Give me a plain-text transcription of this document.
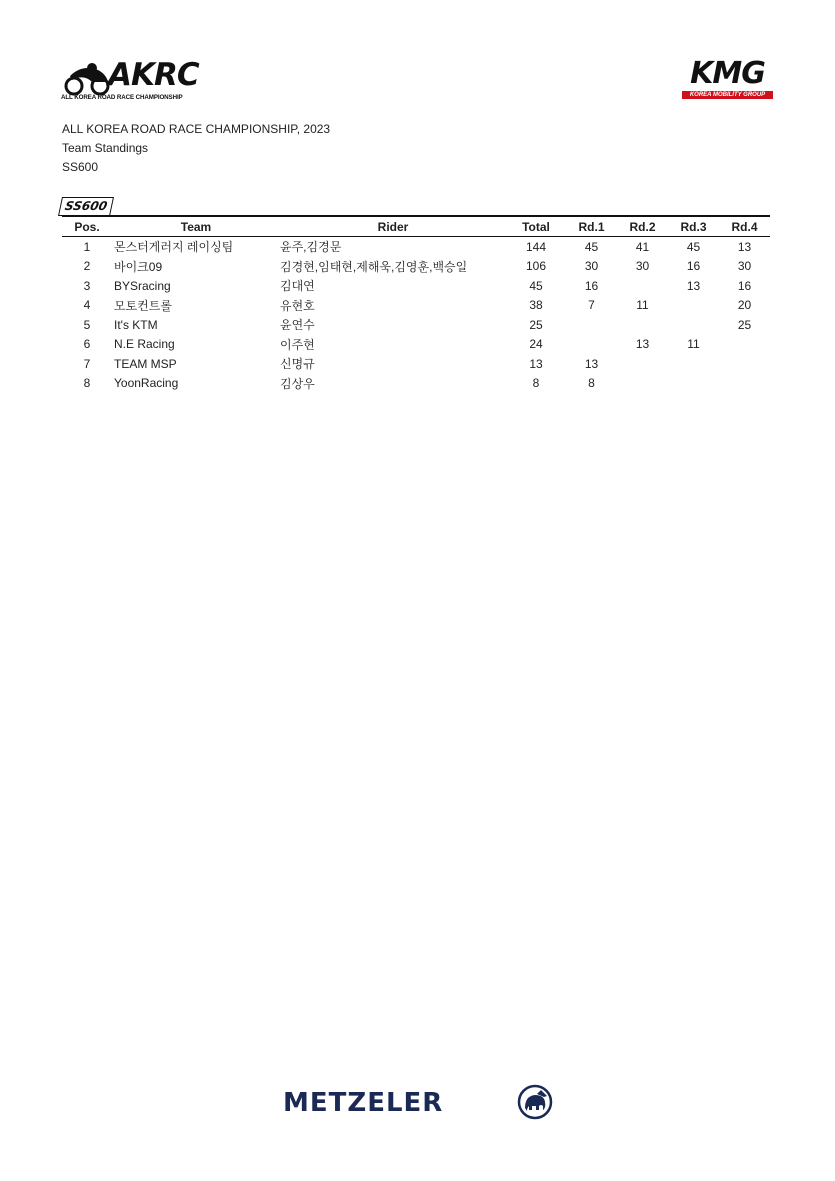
AKRC
ALL KOREA ROAD RACE CHAMPIONSHIP
KMG
KOREA MOBILITY GROUP
ALL KOREA ROAD RACE CHAMPIONSHIP, 2023
Team Standings
SS600
SS600
Pos.	Team	Rider	Total	Rd.1	Rd.2	Rd.3	Rd.4
1	몬스터게러지 레이싱팀	윤주,김경문	144	45	41	45	13
2	바이크09	김경현,임태현,제해욱,김영훈,백승일	106	30	30	16	30
3	BYSracing	김대연	45	16		13	16
4	모토컨트롤	유현호	38	7	11		20
5	It's KTM	윤연수	25				25
6	N.E Racing	이주현	24		13	11	
7	TEAM MSP	신명규	13	13			
8	YoonRacing	김상우	8	8			
METZELER
